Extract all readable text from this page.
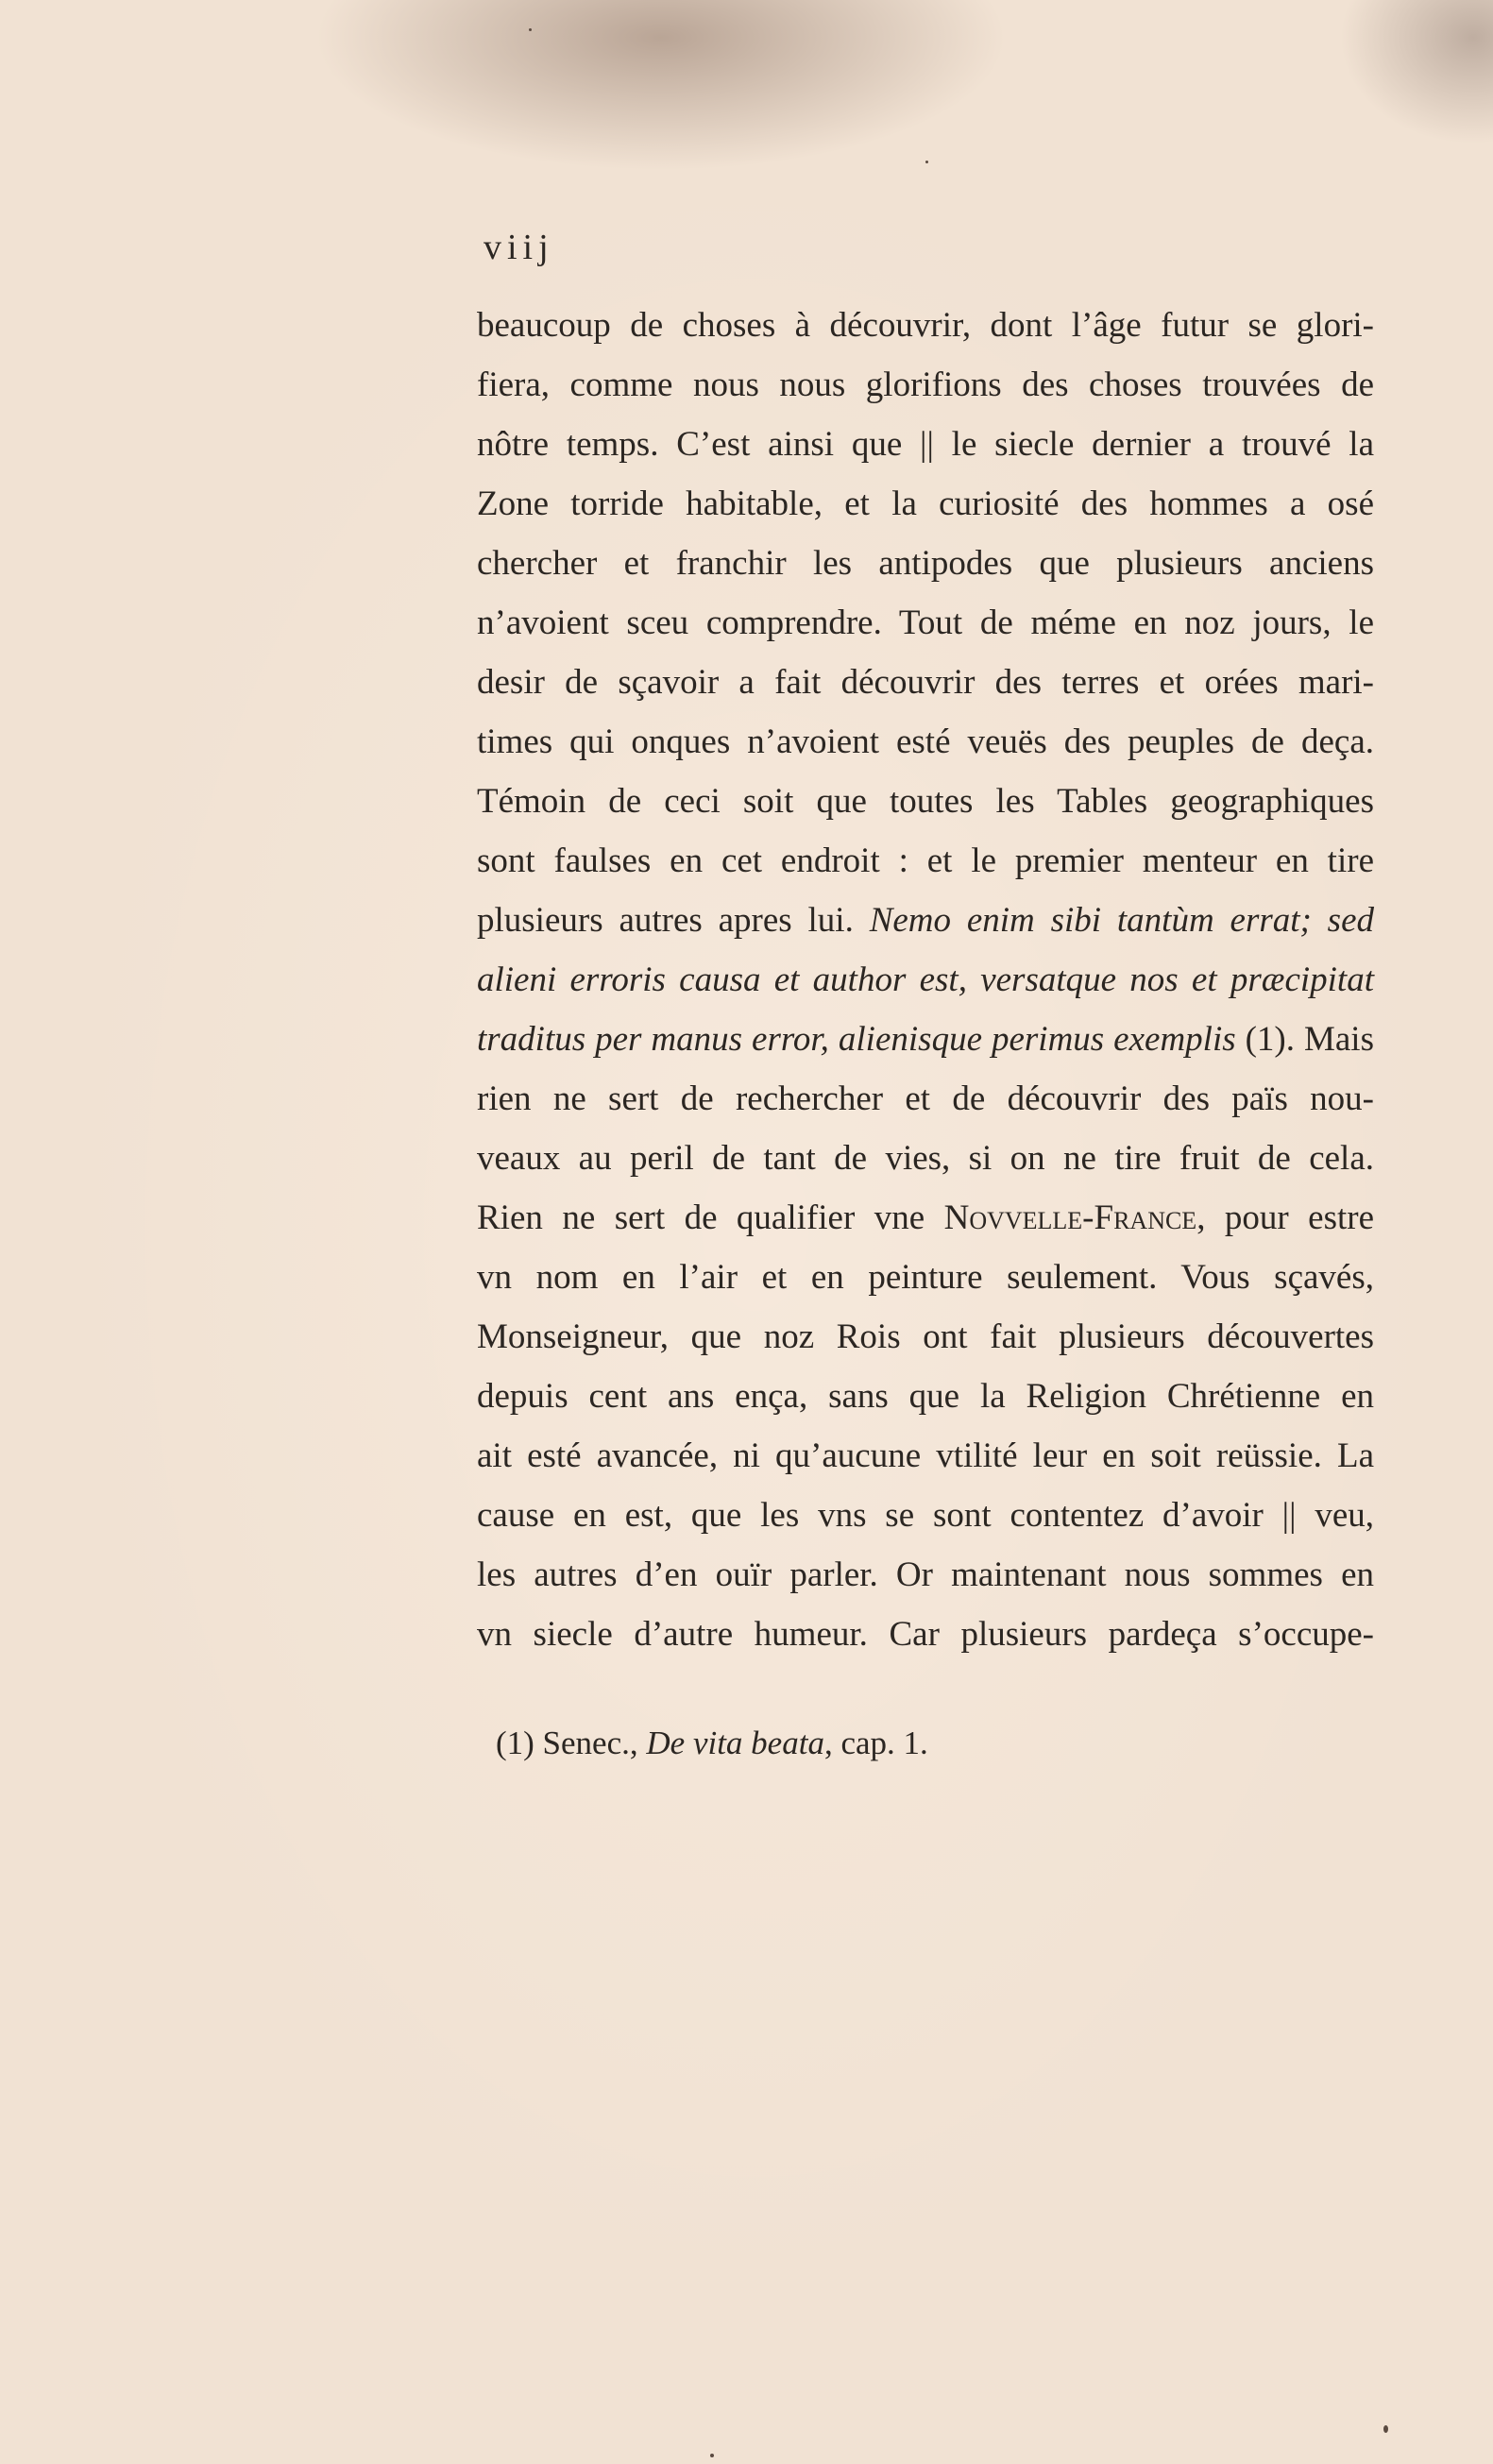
viij
beaucoup de choses à découvrir, dont l’âge futur se glori-
fiera, comme nous nous glorifions des choses trouvées de
nôtre temps. C’est ainsi que || le siecle dernier a trouvé la
Zone torride habitable, et la curiosité des hommes a osé
chercher et franchir les antipodes que plusieurs anciens
n’avoient sceu comprendre. Tout de méme en noz jours, le
desir de sçavoir a fait découvrir des terres et orées mari-
times qui onques n’avoient esté veuës des peuples de deça.
Témoin de ceci soit que toutes les Tables geographiques
sont faulses en cet endroit : et le premier menteur en tire
plusieurs autres apres lui. Nemo enim sibi tantùm errat; sed
alieni erroris causa et author est, versatque nos et præcipitat
traditus per manus error, alienisque perimus exemplis (1). Mais
rien ne sert de rechercher et de découvrir des païs nou-
veaux au peril de tant de vies, si on ne tire fruit de cela.
Rien ne sert de qualifier vne Novvelle-France, pour estre
vn nom en l’air et en peinture seulement. Vous sçavés,
Monseigneur, que noz Rois ont fait plusieurs découvertes
depuis cent ans ença, sans que la Religion Chrétienne en
ait esté avancée, ni qu’aucune vtilité leur en soit reüssie. La
cause en est, que les vns se sont contentez d’avoir || veu,
les autres d’en ouïr parler. Or maintenant nous sommes en
vn siecle d’autre humeur. Car plusieurs pardeça s’occupe-
(1) Senec., De vita beata, cap. 1.
